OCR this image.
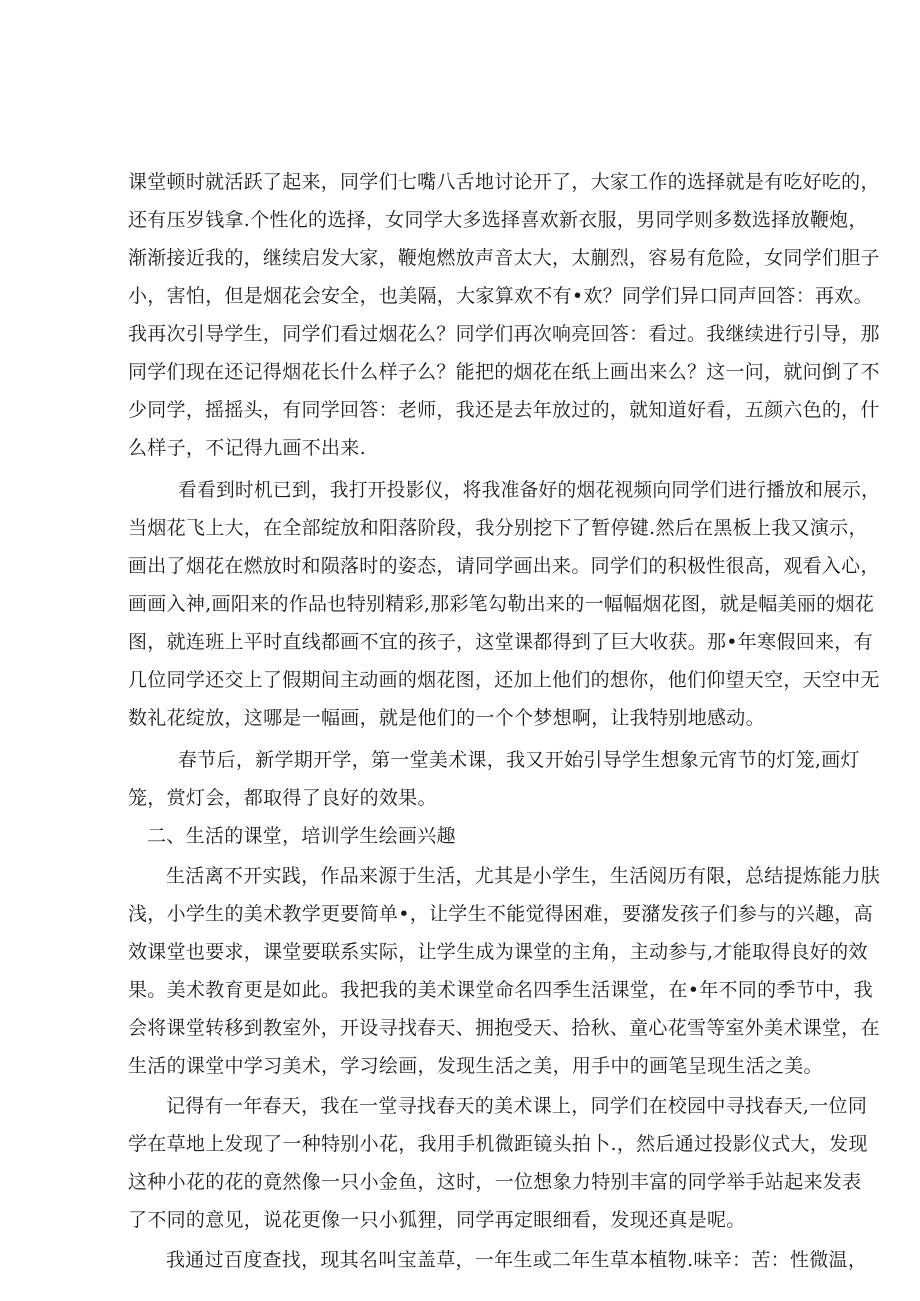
课堂顿时就活跃了起来，同学们七嘴八舌地讨论开了，大家工作的选择就是有吃好吃的，
还有压岁钱拿.个性化的选择，女同学大多选择喜欢新衣服，男同学则多数选择放鞭炮，
渐渐接近我的，继续启发大家，鞭炮燃放声音太大，太蒯烈，容易有危险，女同学们胆子
小，害怕，但是烟花会安全，也美隔，大家算欢不有•欢？同学们异口同声回答：再欢。
我再次引导学生，同学们看过烟花么？同学们再次响亮回答：看过。我继续进行引导，那
同学们现在还记得烟花长什么样子么？能把的烟花在纸上画出来么？这一问，就问倒了不
少同学，摇摇头，有同学回答：老师，我还是去年放过的，就知道好看，五颜六色的，什
么样子，不记得九画不出来.
看看到时机已到，我打开投影仪，将我准备好的烟花视频向同学们进行播放和展示，
当烟花飞上大，在全部绽放和阳落阶段，我分别挖下了暂停键.然后在黑板上我又演示，
画出了烟花在燃放时和陨落时的姿态，请同学画出来。同学们的积极性很高，观看入心，
画画入神,画阳来的作品也特别精彩,那彩笔勾勒出来的一幅幅烟花图，就是幅美丽的烟花
图，就连班上平时直线都画不宜的孩子，这堂课都得到了巨大收获。那•年寒假回来，有
几位同学还交上了假期间主动画的烟花图，还加上他们的想你，他们仰望天空，天空中无
数礼花绽放，这哪是一幅画，就是他们的一个个梦想啊，让我特别地感动。
春节后，新学期开学，第一堂美术课，我又开始引导学生想象元宵节的灯笼,画灯
笼，赏灯会，都取得了良好的效果。
二、生活的课堂，培训学生绘画兴趣
生活离不开实践，作品来源于生活，尤其是小学生，生活阅历有限，总结提炼能力肤
浅，小学生的美术教学更要简单•，让学生不能觉得困难，要潴发孩子们参与的兴趣，高
效课堂也要求，课堂要联系实际，让学生成为课堂的主角，主动参与,才能取得良好的效
果。美术教育更是如此。我把我的美术课堂命名四季生活课堂，在•年不同的季节中，我
会将课堂转移到教室外，开设寻找春天、拥抱受天、拾秋、童心花雪等室外美术课堂，在
生活的课堂中学习美术，学习绘画，发现生活之美，用手中的画笔呈现生活之美。
记得有一年春天，我在一堂寻找春天的美术课上，同学们在校园中寻找春天,一位同
学在草地上发现了一种特别小花，我用手机微距镜头拍卜.，然后通过投影仪式大，发现
这种小花的花的竟然像一只小金鱼，这时，一位想象力特别丰富的同学举手站起来发表
了不同的意见，说花更像一只小狐狸，同学再定眼细看，发现还真是呢。
我通过百度查找，现其名叫宝盖草，一年生或二年生草本植物.味辛：苦：性微温，
